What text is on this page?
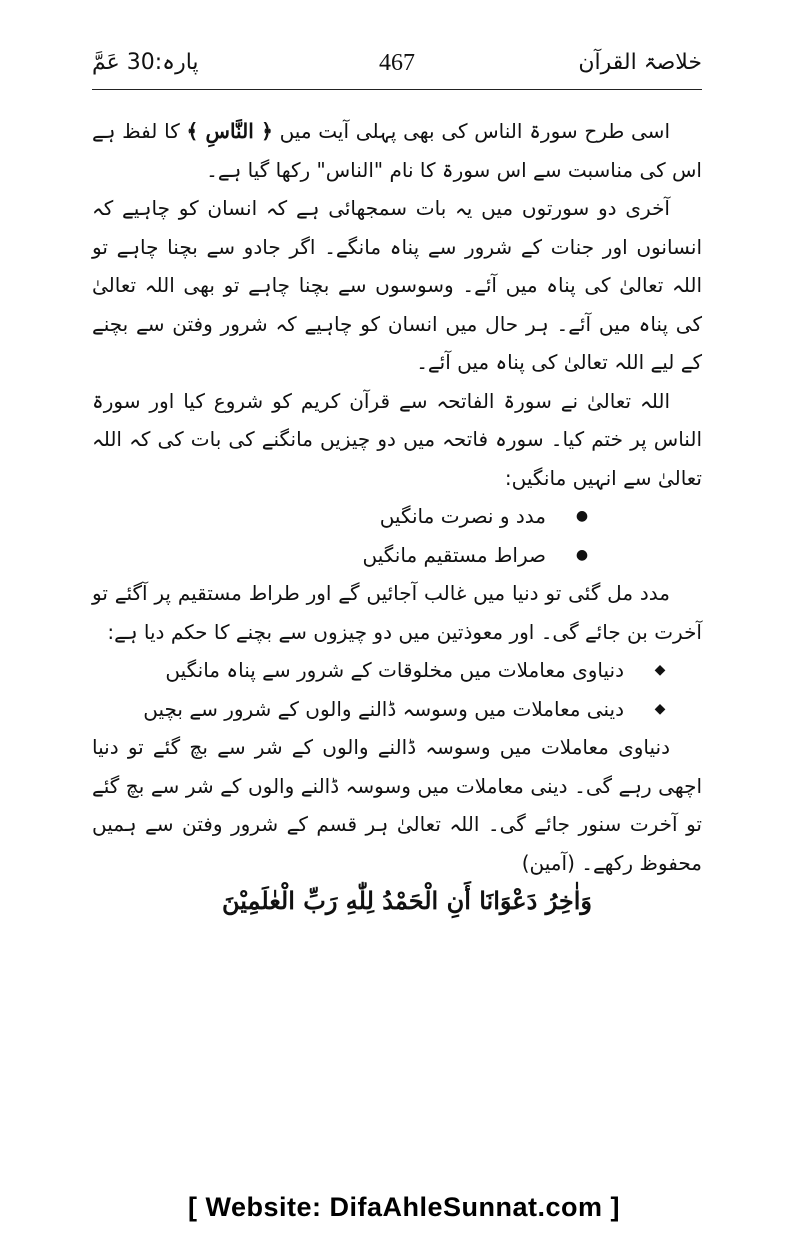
خلاصۃ القرآن
467
پارہ:30 عَمَّ

اسی طرح سورۃ الناس کی بھی پہلی آیت میں ﴿ النَّاسِ ﴾ کا لفظ ہے اس کی مناسبت سے اس سورۃ کا نام "الناس" رکھا گیا ہے۔

آخری دو سورتوں میں یہ بات سمجھائی ہے کہ انسان کو چاہیے کہ انسانوں اور جنات کے شرور سے پناہ مانگے۔ اگر جادو سے بچنا چاہے تو اللہ تعالیٰ کی پناہ میں آئے۔ وسوسوں سے بچنا چاہے تو بھی اللہ تعالیٰ کی پناہ میں آئے۔ ہر حال میں انسان کو چاہیے کہ شرور وفتن سے بچنے کے لیے اللہ تعالیٰ کی پناہ میں آئے۔

اللہ تعالیٰ نے سورۃ الفاتحہ سے قرآن کریم کو شروع کیا اور سورۃ الناس پر ختم کیا۔ سورہ فاتحہ میں دو چیزیں مانگنے کی بات کی کہ اللہ تعالیٰ سے انہیں مانگیں:

●
مدد و نصرت مانگیں
●
صراط مستقیم مانگیں

مدد مل گئی تو دنیا میں غالب آجائیں گے اور طراط مستقیم پر آگئے تو آخرت بن جائے گی۔ اور معوذتین میں دو چیزوں سے بچنے کا حکم دیا ہے:

◆
دنیاوی معاملات میں مخلوقات کے شرور سے پناہ مانگیں
◆
دینی معاملات میں وسوسہ ڈالنے والوں کے شرور سے بچیں

دنیاوی معاملات میں وسوسہ ڈالنے والوں کے شر سے بچ گئے تو دنیا اچھی رہے گی۔ دینی معاملات میں وسوسہ ڈالنے والوں کے شر سے بچ گئے تو آخرت سنور جائے گی۔ اللہ تعالیٰ ہر قسم کے شرور وفتن سے ہمیں محفوظ رکھے۔ (آمین)

وَاٰخِرُ دَعْوَانَا أَنِ الْحَمْدُ لِلّٰهِ رَبِّ الْعٰلَمِيْنَ

[ Website: DifaAhleSunnat.com ]
